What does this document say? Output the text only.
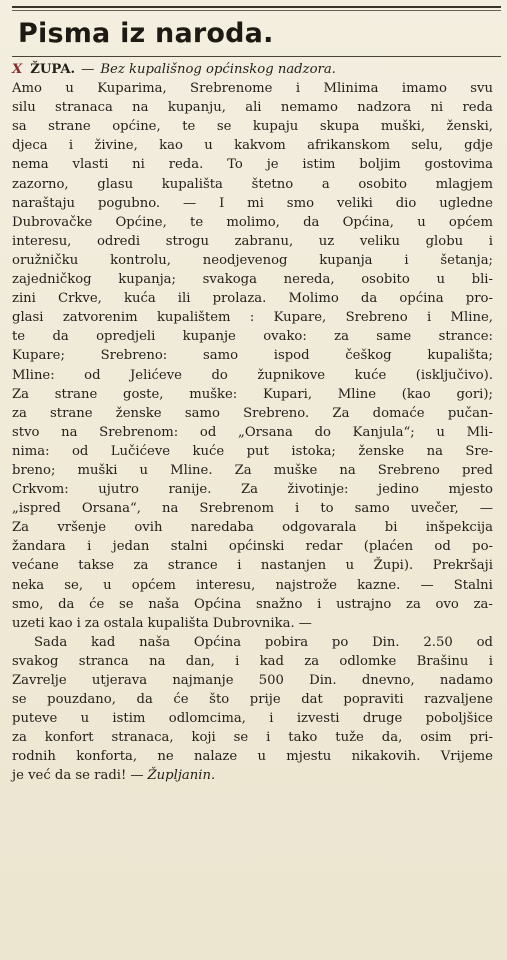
Pisma iz naroda.
X ŽUPA. — Bez kupališnog općinskog nadzora.
Amo u Kuparima, Srebrenome i Mlinima imamo svu
silu stranaca na kupanju, ali nemamo nadzora ni reda
sa strane općine, te se kupaju skupa muški, ženski,
djeca i živine, kao u kakvom afrikanskom selu, gdje
nema vlasti ni reda. To je istim boljim gostovima
zazorno, glasu kupališta štetno a osobito mlagjem
naraštaju pogubno. — I mi smo veliki dio ugledne
Dubrovačke Općine, te molimo, da Općina, u općem
interesu, odredi strogu zabranu, uz veliku globu i
oružničku kontrolu, neodjevenog kupanja i šetanja;
zajedničkog kupanja; svakoga nereda, osobito u bli-
zini Crkve, kuća ili prolaza. Molimo da općina pro-
glasi zatvorenim kupalištem : Kupare, Srebreno i Mline,
te da opredjeli kupanje ovako: za same strance:
Kupare;	Srebreno:	samo	ispod	češkog	kupališta;
Mline: od Jelićeve do župnikove kuće (isključivo).
Za strane goste, muške: Kupari, Mline (kao gori);
za strane ženske samo Srebreno. Za domaće pučan-
stvo na Srebrenom: od „Orsana do Kanjula“; u Mli-
nima: od Lučićeve kuće put istoka; ženske na Sre-
breno; muški u Mline. Za muške na Srebreno pred
Crkvom: ujutro ranije. Za životinje: jedino mjesto
„ispred Orsana“, na Srebrenom i to samo uvečer, —
Za vršenje ovih naredaba odgovarala bi inšpekcija
žandara i jedan stalni općinski redar (plaćen od po-
većane takse za strance i nastanjen u Župi). Prekršaji
neka se, u općem interesu, najstrože kazne. — Stalni
smo, da će se naša Općina snažno i ustrajno za ovo za-
uzeti kao i za ostala kupališta Dubrovnika. —
Sada kad naša Općina pobira po Din. 2.50 od
svakog stranca na dan, i kad za odlomke Brašinu i
Zavrelje utjerava najmanje 500 Din. dnevno, nadamo
se pouzdano, da će što prije dat popraviti razvaljene
puteve u istim odlomcima, i izvesti druge poboljšice
za konfort stranaca, koji se i tako tuže da, osim pri-
rodnih konforta, ne nalaze u mjestu nikakovih. Vrijeme
je već da se radi! — Župljanin.
